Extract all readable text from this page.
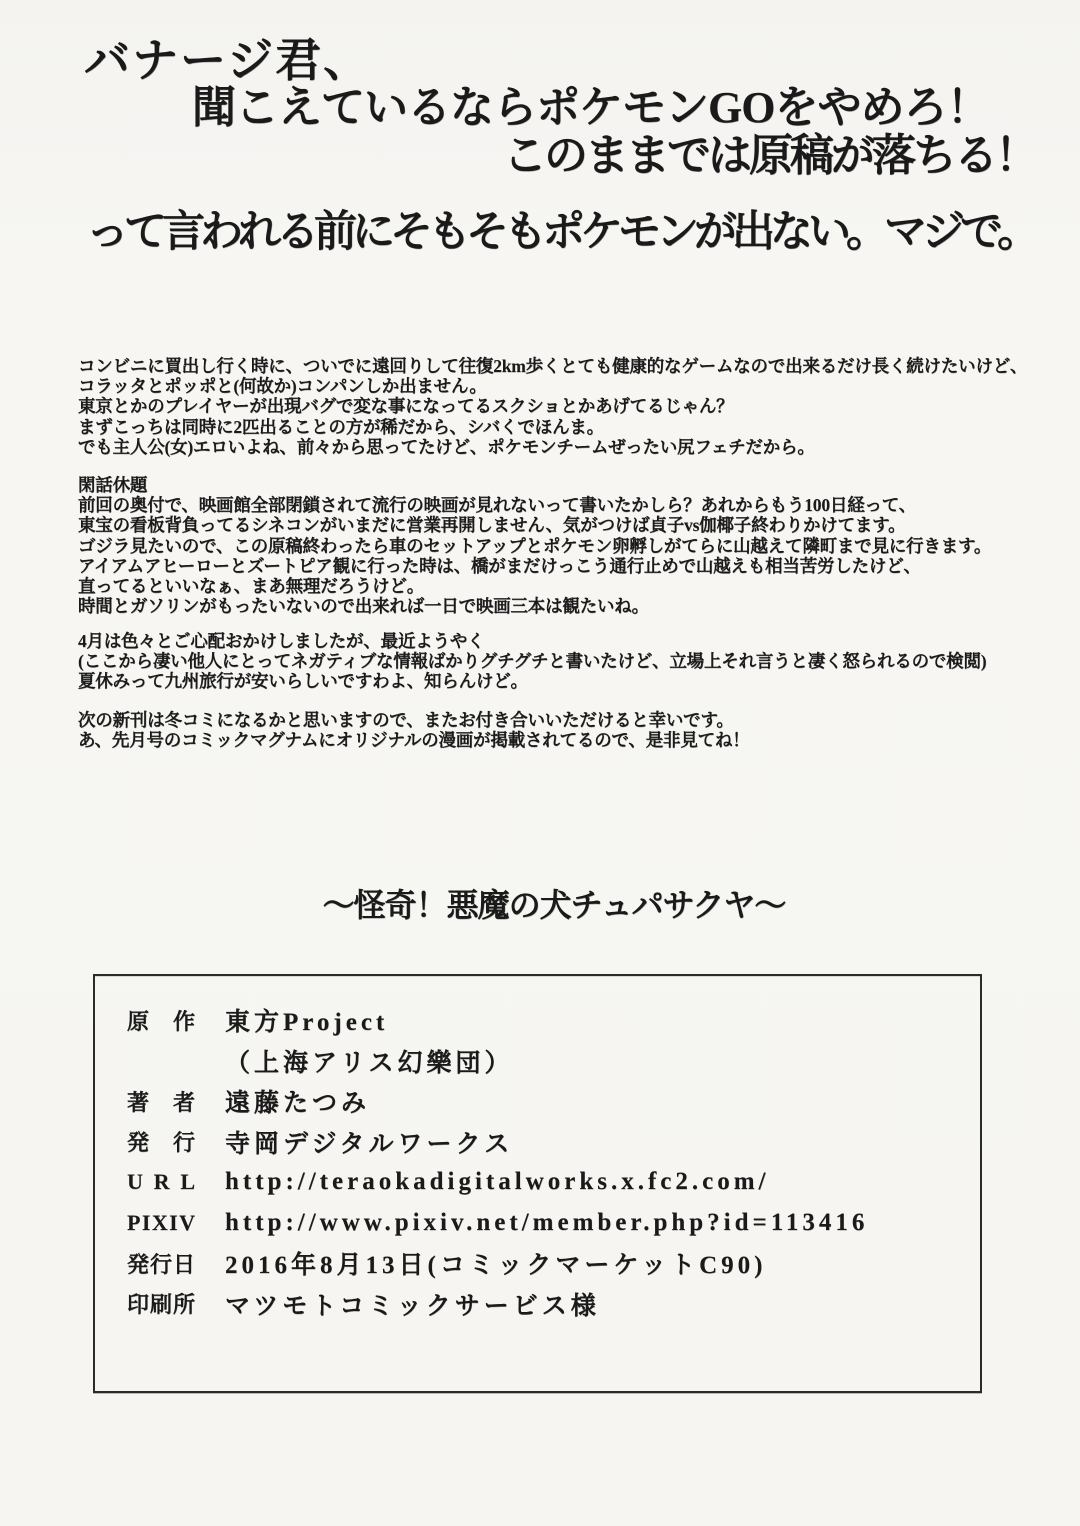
バナージ君、
聞こえているならポケモンGOをやめろ！
このままでは原稿が落ちる！
って言われる前にそもそもポケモンが出ない。マジで。
コンビニに買出し行く時に、ついでに遠回りして往復2km歩くとても健康的なゲームなので出来るだけ長く続けたいけど、
コラッタとポッポと(何故か)コンパンしか出ません。
東京とかのプレイヤーが出現バグで変な事になってるスクショとかあげてるじゃん？
まずこっちは同時に2匹出ることの方が稀だから、シバくでほんま。
でも主人公(女)エロいよね、前々から思ってたけど、ポケモンチームぜったい尻フェチだから。
閑話休題
前回の奥付で、映画館全部閉鎖されて流行の映画が見れないって書いたかしら？あれからもう100日経って、
東宝の看板背負ってるシネコンがいまだに営業再開しません、気がつけば貞子vs伽椰子終わりかけてます。
ゴジラ見たいので、この原稿終わったら車のセットアップとポケモン卵孵しがてらに山越えて隣町まで見に行きます。
アイアムアヒーローとズートピア観に行った時は、橋がまだけっこう通行止めで山越えも相当苦労したけど、
直ってるといいなぁ、まあ無理だろうけど。
時間とガソリンがもったいないので出来れば一日で映画三本は観たいね。
4月は色々とご心配おかけしましたが、最近ようやく
(ここから凄い他人にとってネガティブな情報ばかりグチグチと書いたけど、立場上それ言うと凄く怒られるので検閲)
夏休みって九州旅行が安いらしいですわよ、知らんけど。
次の新刊は冬コミになるかと思いますので、またお付き合いいただけると幸いです。
あ、先月号のコミックマグナムにオリジナルの漫画が掲載されてるので、是非見てね！
～怪奇！悪魔の犬チュパサクヤ～
原 作 東方Project
（上海アリス幻樂団）
著 者 遠藤たつみ
発 行 寺岡デジタルワークス
U R L http://teraokadigitalworks.x.fc2.com/
P I X I V http://www.pixiv.net/member.php?id=113416
発 行 日 2016年8月13日(コミックマーケットC90)
印 刷 所 マツモトコミックサービス様
